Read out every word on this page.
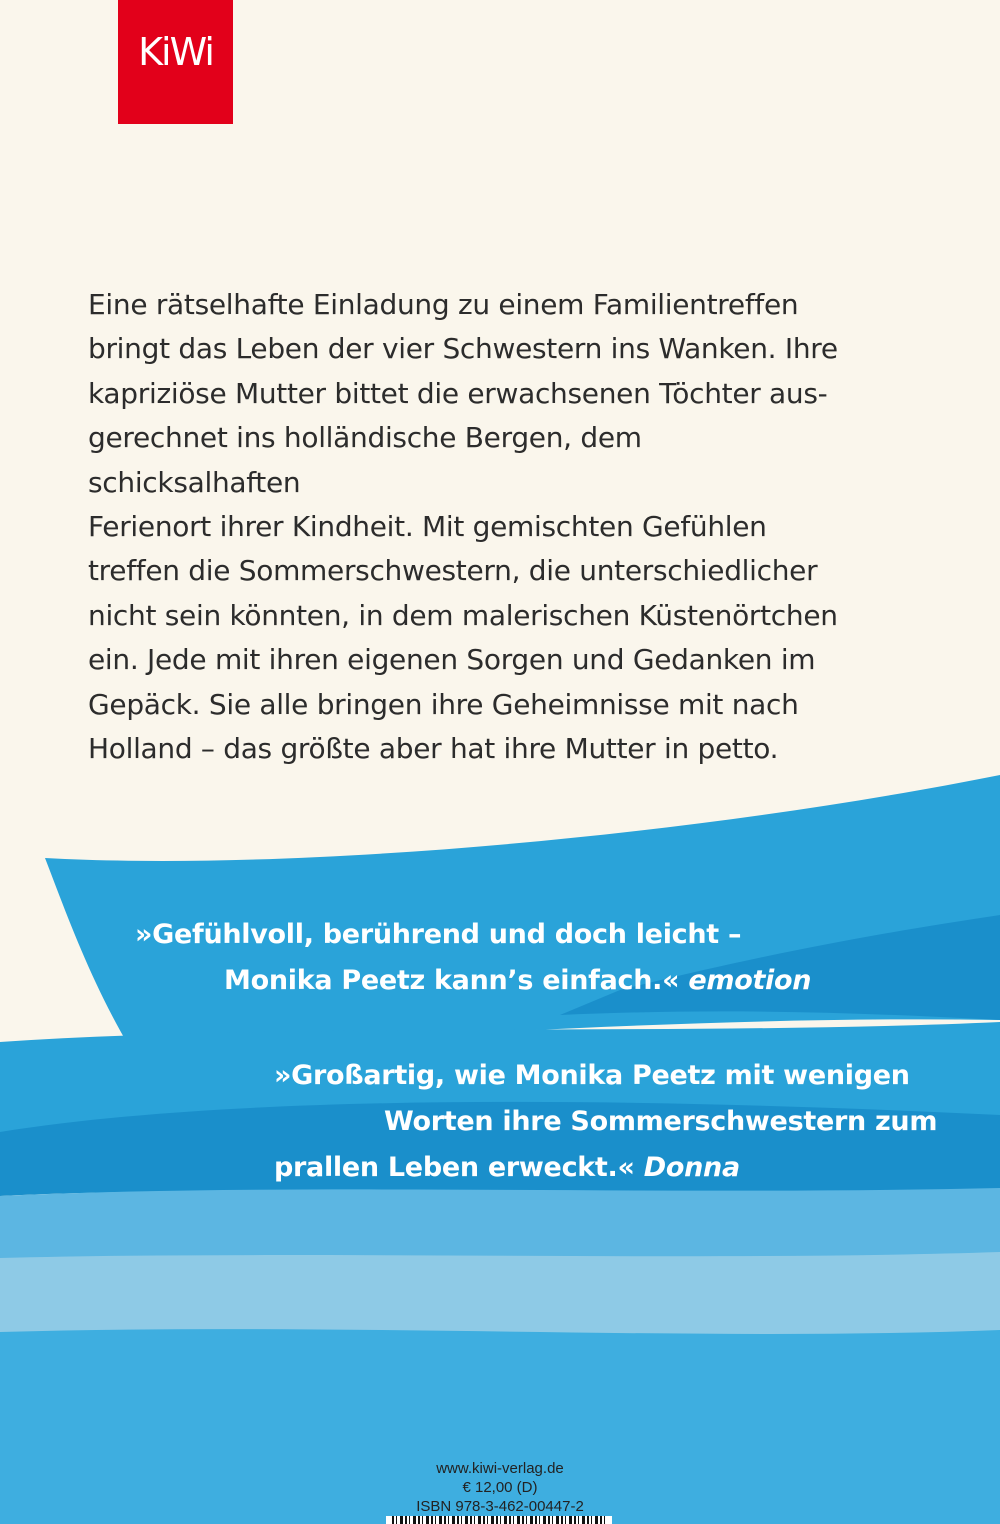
KiWi

Eine rätselhafte Einladung zu einem Familientreffen
bringt das Leben der vier Schwestern ins Wanken. Ihre
kapriziöse Mutter bittet die erwachsenen Töchter aus-
gerechnet ins holländische Bergen, dem schicksalhaften
Ferienort ihrer Kindheit. Mit gemischten Gefühlen
treffen die Sommerschwestern, die unterschiedlicher
nicht sein könnten, in dem malerischen Küstenörtchen
ein. Jede mit ihren eigenen Sorgen und Gedanken im
Gepäck. Sie alle bringen ihre Geheimnisse mit nach
Holland – das größte aber hat ihre Mutter in petto.

»Gefühlvoll, berührend und doch leicht –
Monika Peetz kann’s einfach.« emotion
»Großartig, wie Monika Peetz mit wenigen
Worten ihre Sommerschwestern zum
prallen Leben erweckt.« Donna
www.kiwi-verlag.de
€ 12,00 (D)
ISBN 978-3-462-00447-2
